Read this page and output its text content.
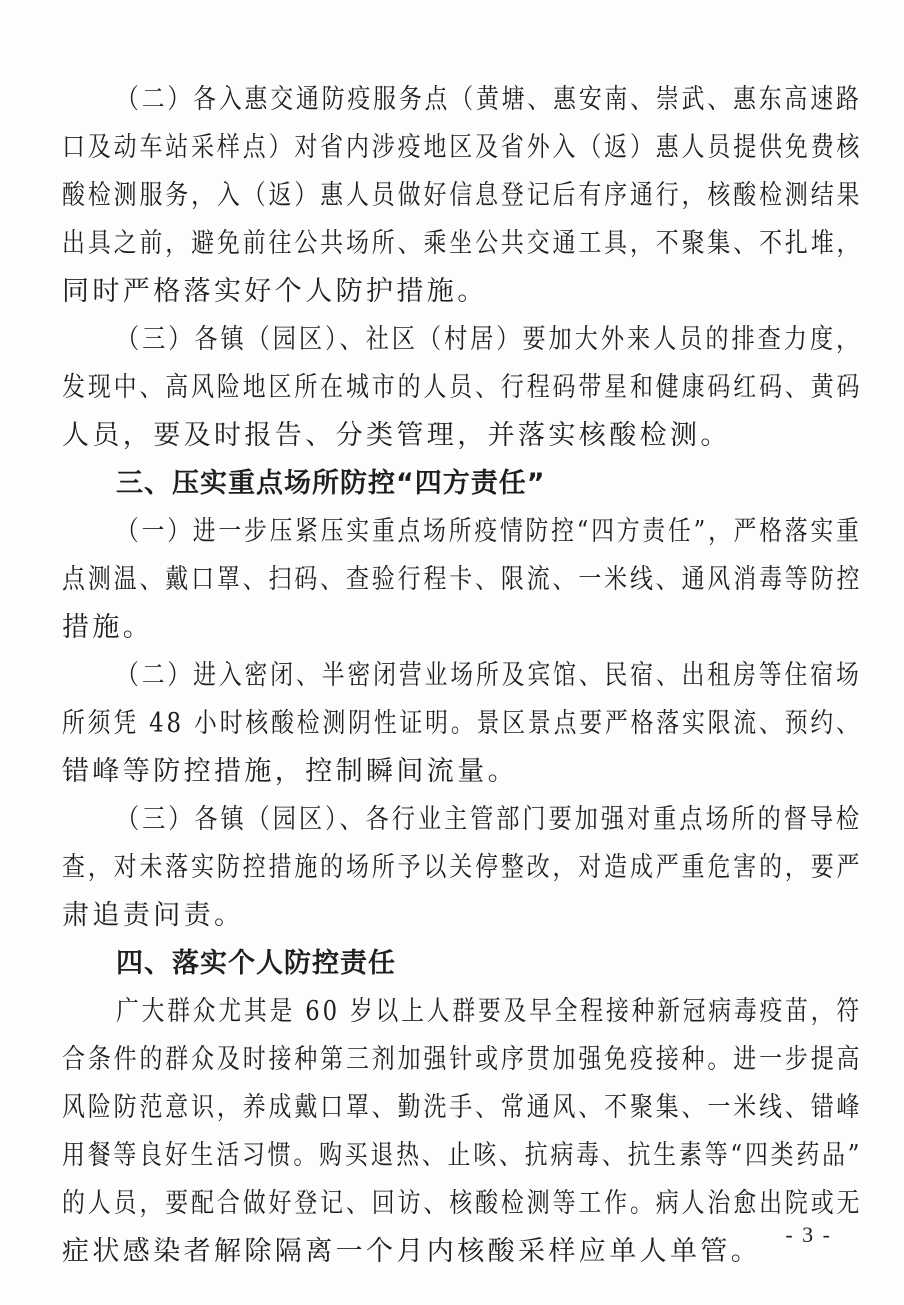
（二）各入惠交通防疫服务点（黄塘、惠安南、崇武、惠东高速路
口及动车站采样点）对省内涉疫地区及省外入（返）惠人员提供免费核
酸检测服务，入（返）惠人员做好信息登记后有序通行，核酸检测结果
出具之前，避免前往公共场所、乘坐公共交通工具，不聚集、不扎堆，
同时严格落实好个人防护措施。
（三）各镇（园区）、社区（村居）要加大外来人员的排查力度，
发现中、高风险地区所在城市的人员、行程码带星和健康码红码、黄码
人员，要及时报告、分类管理，并落实核酸检测。
三、压实重点场所防控“四方责任”
（一）进一步压紧压实重点场所疫情防控“四方责任”，严格落实重
点测温、戴口罩、扫码、查验行程卡、限流、一米线、通风消毒等防控
措施。
（二）进入密闭、半密闭营业场所及宾馆、民宿、出租房等住宿场
所须凭 48 小时核酸检测阴性证明。景区景点要严格落实限流、预约、
错峰等防控措施，控制瞬间流量。
（三）各镇（园区）、各行业主管部门要加强对重点场所的督导检
查，对未落实防控措施的场所予以关停整改，对造成严重危害的，要严
肃追责问责。
四、落实个人防控责任
广大群众尤其是 60 岁以上人群要及早全程接种新冠病毒疫苗，符
合条件的群众及时接种第三剂加强针或序贯加强免疫接种。进一步提高
风险防范意识，养成戴口罩、勤洗手、常通风、不聚集、一米线、错峰
用餐等良好生活习惯。购买退热、止咳、抗病毒、抗生素等“四类药品”
的人员，要配合做好登记、回访、核酸检测等工作。病人治愈出院或无
症状感染者解除隔离一个月内核酸采样应单人单管。
- 3 -
